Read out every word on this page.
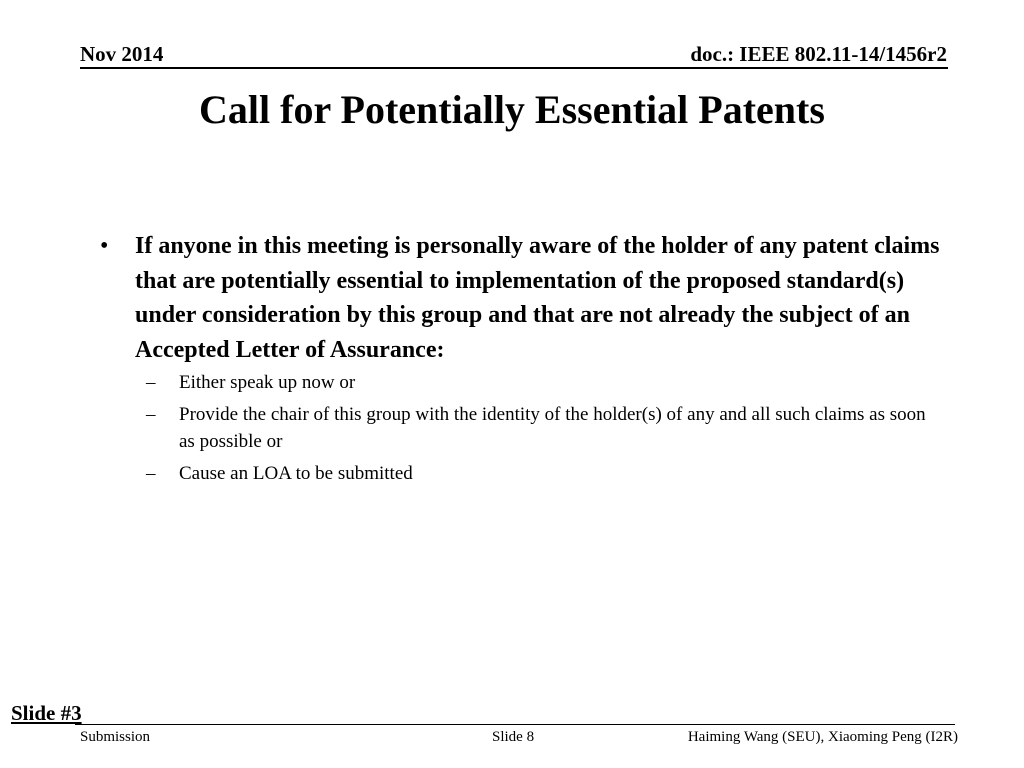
Nov 2014	doc.: IEEE 802.11-14/1456r2
Call for Potentially Essential Patents
• If anyone in this meeting is personally aware of the holder of any patent claims that are potentially essential to implementation of the proposed standard(s) under consideration by this group and that are not already the subject of an Accepted Letter of Assurance:
– Either speak up now or
– Provide the chair of this group with the identity of the holder(s) of any and all such claims as soon as possible or
– Cause an LOA to be submitted
Slide #3
Submission	Slide 8	Haiming Wang (SEU), Xiaoming Peng (I2R)
